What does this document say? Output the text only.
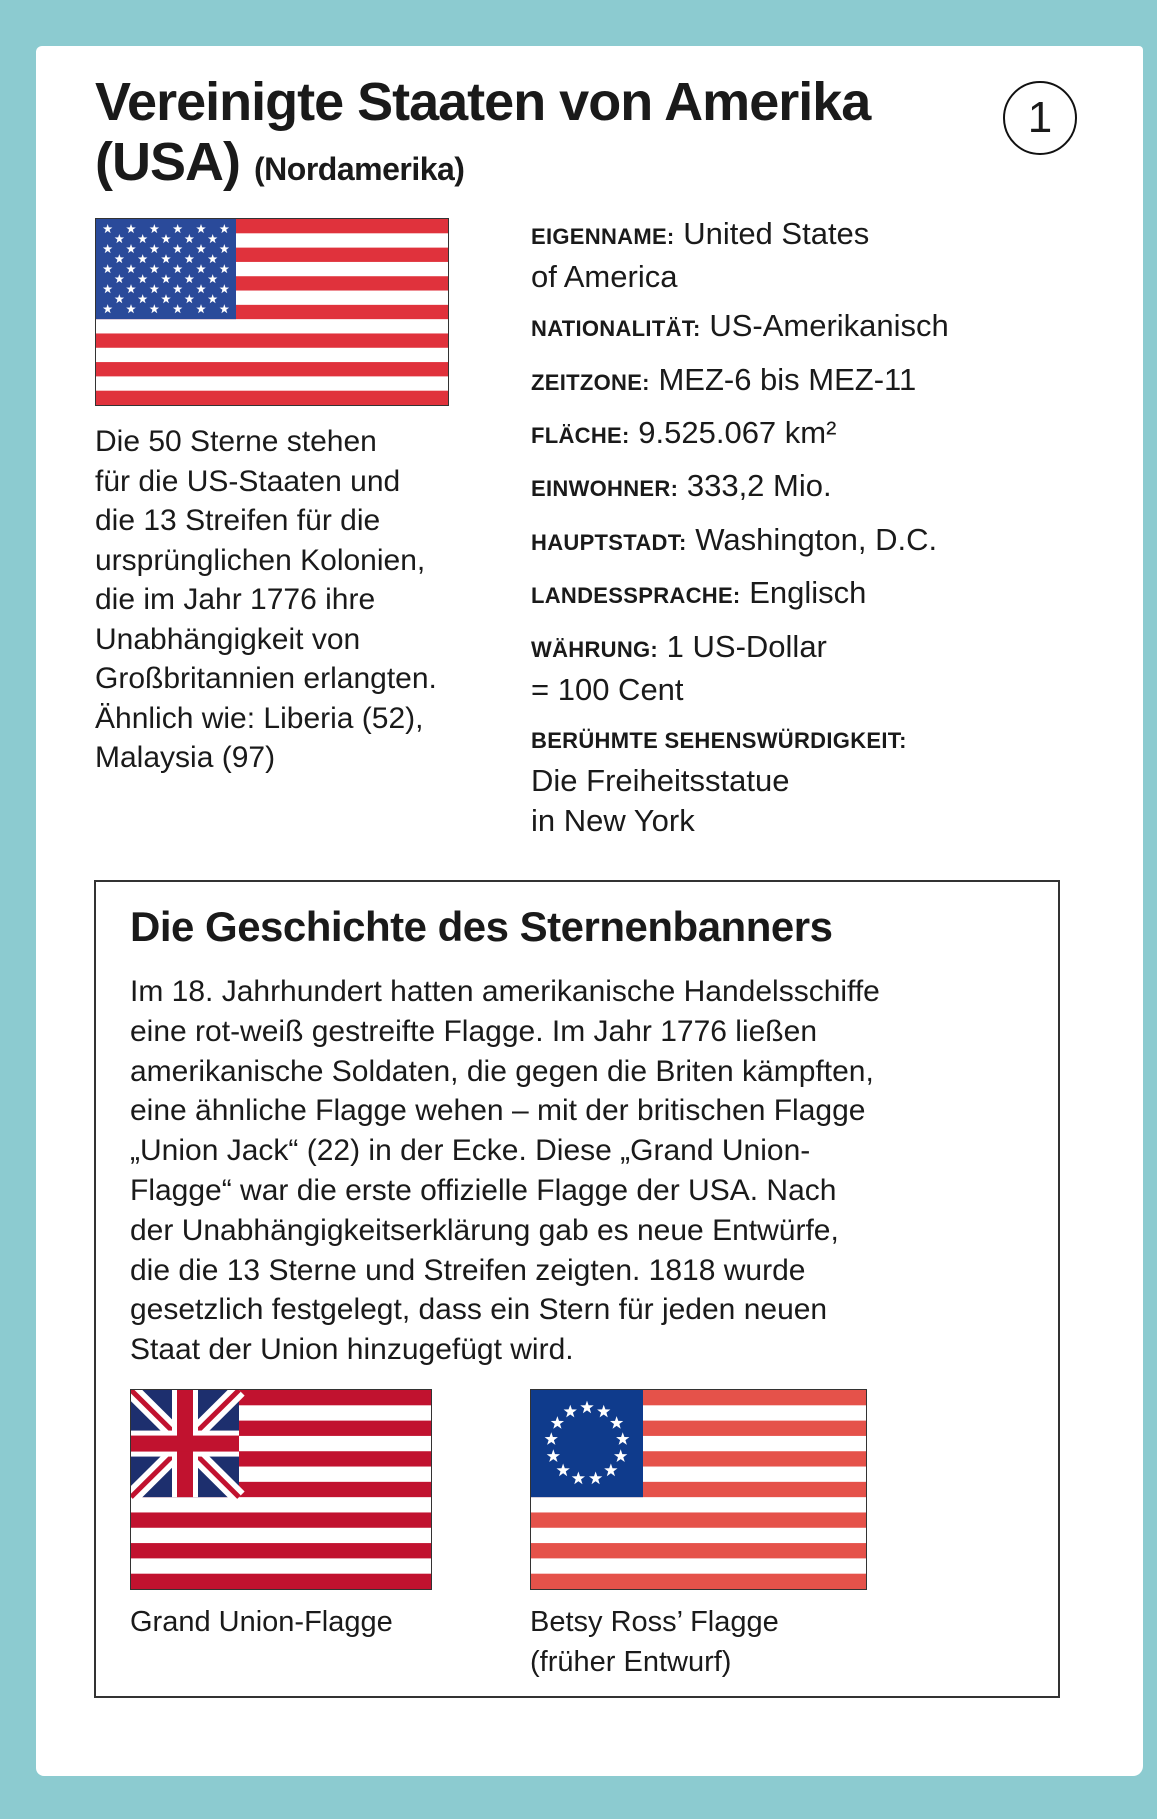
Vereinigte Staaten von Amerika
(USA) (Nordamerika)
1
Die 50 Sterne stehen
für die US-Staaten und
die 13 Streifen für die
ursprünglichen Kolonien,
die im Jahr 1776 ihre
Unabhängigkeit von
Großbritannien erlangten.
Ähnlich wie: Liberia (52),
Malaysia (97)
EIGENNAME: United States
of America
NATIONALITÄT: US-Amerikanisch
ZEITZONE: MEZ-6 bis MEZ-11
FLÄCHE: 9.525.067 km²
EINWOHNER: 333,2 Mio.
HAUPTSTADT: Washington, D.C.
LANDESSPRACHE: Englisch
WÄHRUNG: 1 US-Dollar
= 100 Cent
BERÜHMTE SEHENSWÜRDIGKEIT:
Die Freiheitsstatue
in New York
Die Geschichte des Sternenbanners
Im 18. Jahrhundert hatten amerikanische Handelsschiffe
eine rot-weiß gestreifte Flagge. Im Jahr 1776 ließen
amerikanische Soldaten, die gegen die Briten kämpften,
eine ähnliche Flagge wehen – mit der britischen Flagge
„Union Jack“ (22) in der Ecke. Diese „Grand Union-
Flagge“ war die erste offizielle Flagge der USA. Nach
der Unabhängigkeitserklärung gab es neue Entwürfe,
die die 13 Sterne und Streifen zeigten. 1818 wurde
gesetzlich festgelegt, dass ein Stern für jeden neuen
Staat der Union hinzugefügt wird.
Grand Union-Flagge	Betsy Ross’ Flagge
(früher Entwurf)
